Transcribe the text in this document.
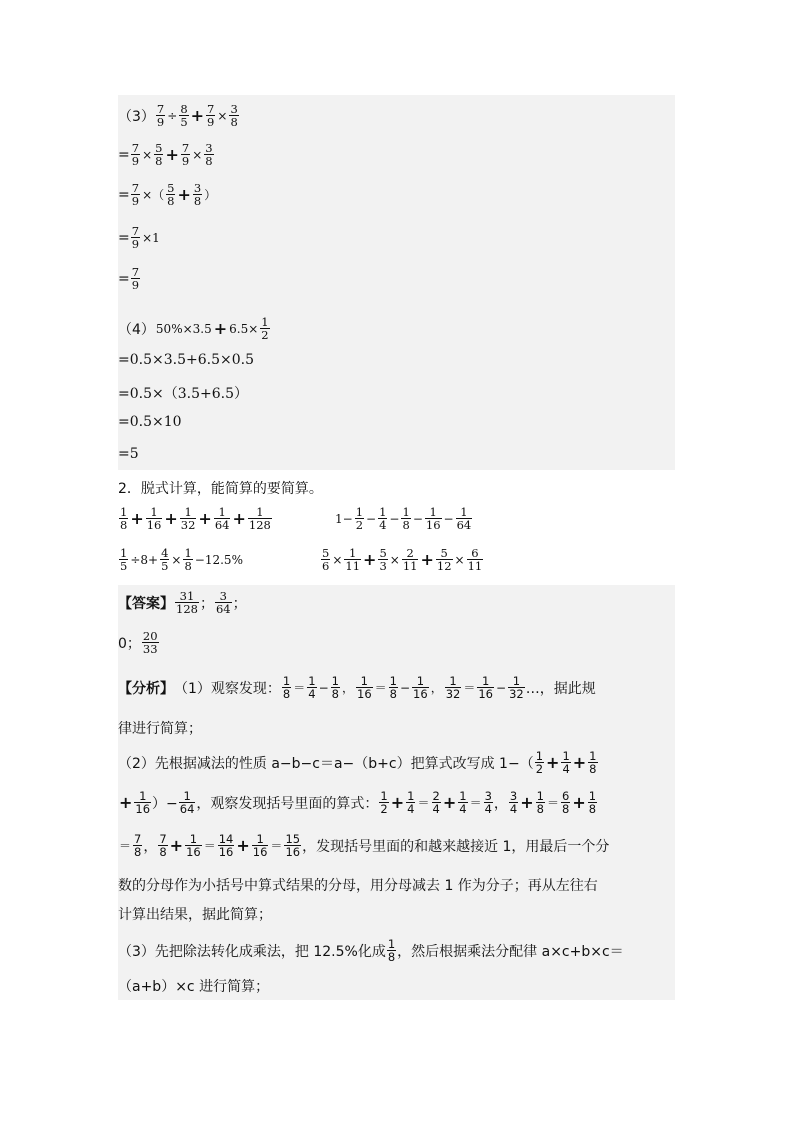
$(3) \frac{7}{9} \div \frac{8}{5} + \frac{7}{9} \times \frac{3}{8}$
= $\frac{7}{9} \times \frac{5}{8} + \frac{7}{9} \times \frac{3}{8}$
= $\frac{7}{9}$ ×（ $\frac{5}{8} + \frac{3}{8}$ ）
= $\frac{7}{9} \times 1$
= $\frac{7}{9}$
（4） $50\%\times 3.5 + 6.5\times \frac{1}{2}$
=0.5×3.5+6.5×0.5
=0.5×（3.5+6.5）
=0.5×10
=5
2．脱式计算，能简算的要简算。
$\frac{1}{8} + \frac{1}{16} + \frac{1}{32} + \frac{1}{64} + \frac{1}{128}$	$1- \frac{1}{2} - \frac{1}{4} - \frac{1}{8} - \frac{1}{16} - \frac{1}{64}$
$\frac{1}{5} \div 8+ \frac{4}{5} \times \frac{1}{8} -12.5\%$	$\frac{5}{6} \times \frac{1}{11} + \frac{5}{3} \times \frac{2}{11} + \frac{5}{12} \times \frac{6}{11}$
【答案】 $\frac{31}{128}$ ； $\frac{3}{64}$ ；
0； $\frac{20}{33}$
【分析】 （1）观察发现： $\frac{1}{8} = \frac{1}{4} - \frac{1}{8}$ ， $\frac{1}{16} = \frac{1}{8} - \frac{1}{16}$ ， $\frac{1}{32} = \frac{1}{16} - \frac{1}{32}$ …，据此规
律进行简算；
（2）先根据减法的性质 a−b−c＝a−（b+c）把算式改写成 $1-( \frac{1}{2} + \frac{1}{4} + \frac{1}{8}$
+ $\frac{1}{16}$ ）− $\frac{1}{64}$ ，观察发现括号里面的算式： $\frac{1}{2} + \frac{1}{4} = \frac{2}{4} + \frac{1}{4} = \frac{3}{4}$ ， $\frac{3}{4} + \frac{1}{8} = \frac{6}{8} + \frac{1}{8}$
＝ $\frac{7}{8}$ ， $\frac{7}{8} + \frac{1}{16} = \frac{14}{16} + \frac{1}{16} = \frac{15}{16}$ ，发现括号里面的和越来越接近 1，用最后一个分
数的分母作为小括号中算式结果的分母，用分母减去 1 作为分子；再从左往右
计算出结果，据此简算；
（3）先把除法转化成乘法，把 12.5%化成 $\frac{1}{8}$ ，然后根据乘法分配律 a×c+b×c＝
（a+b）×c 进行简算；
